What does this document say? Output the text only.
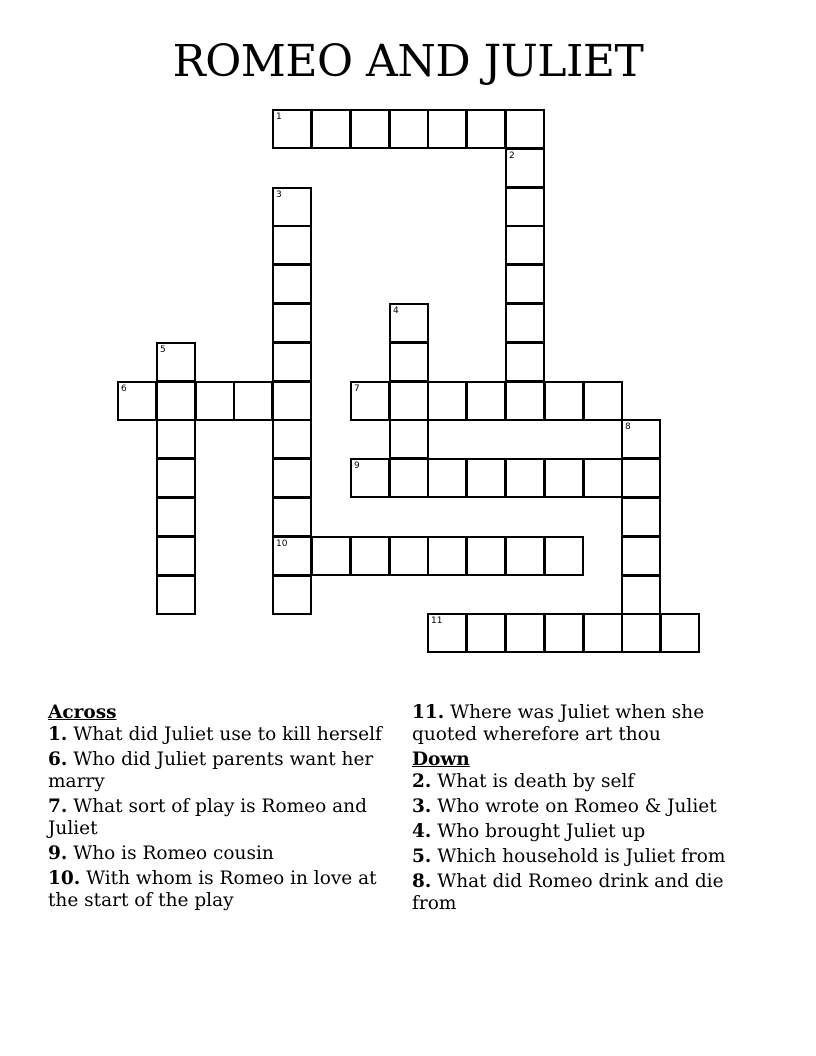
ROMEO AND JULIET
1
2
3
4
5
6	7
8
9
10
11

Across

1. What did Juliet use to kill herself

6. Who did Juliet parents want her marry

7. What sort of play is Romeo and Juliet

9. Who is Romeo cousin

10. With whom is Romeo in love at the start of the play

11. Where was Juliet when she quoted wherefore art thou

Down

2. What is death by self

3. Who wrote on Romeo & Juliet

4. Who brought Juliet up

5. Which household is Juliet from

8. What did Romeo drink and die from
